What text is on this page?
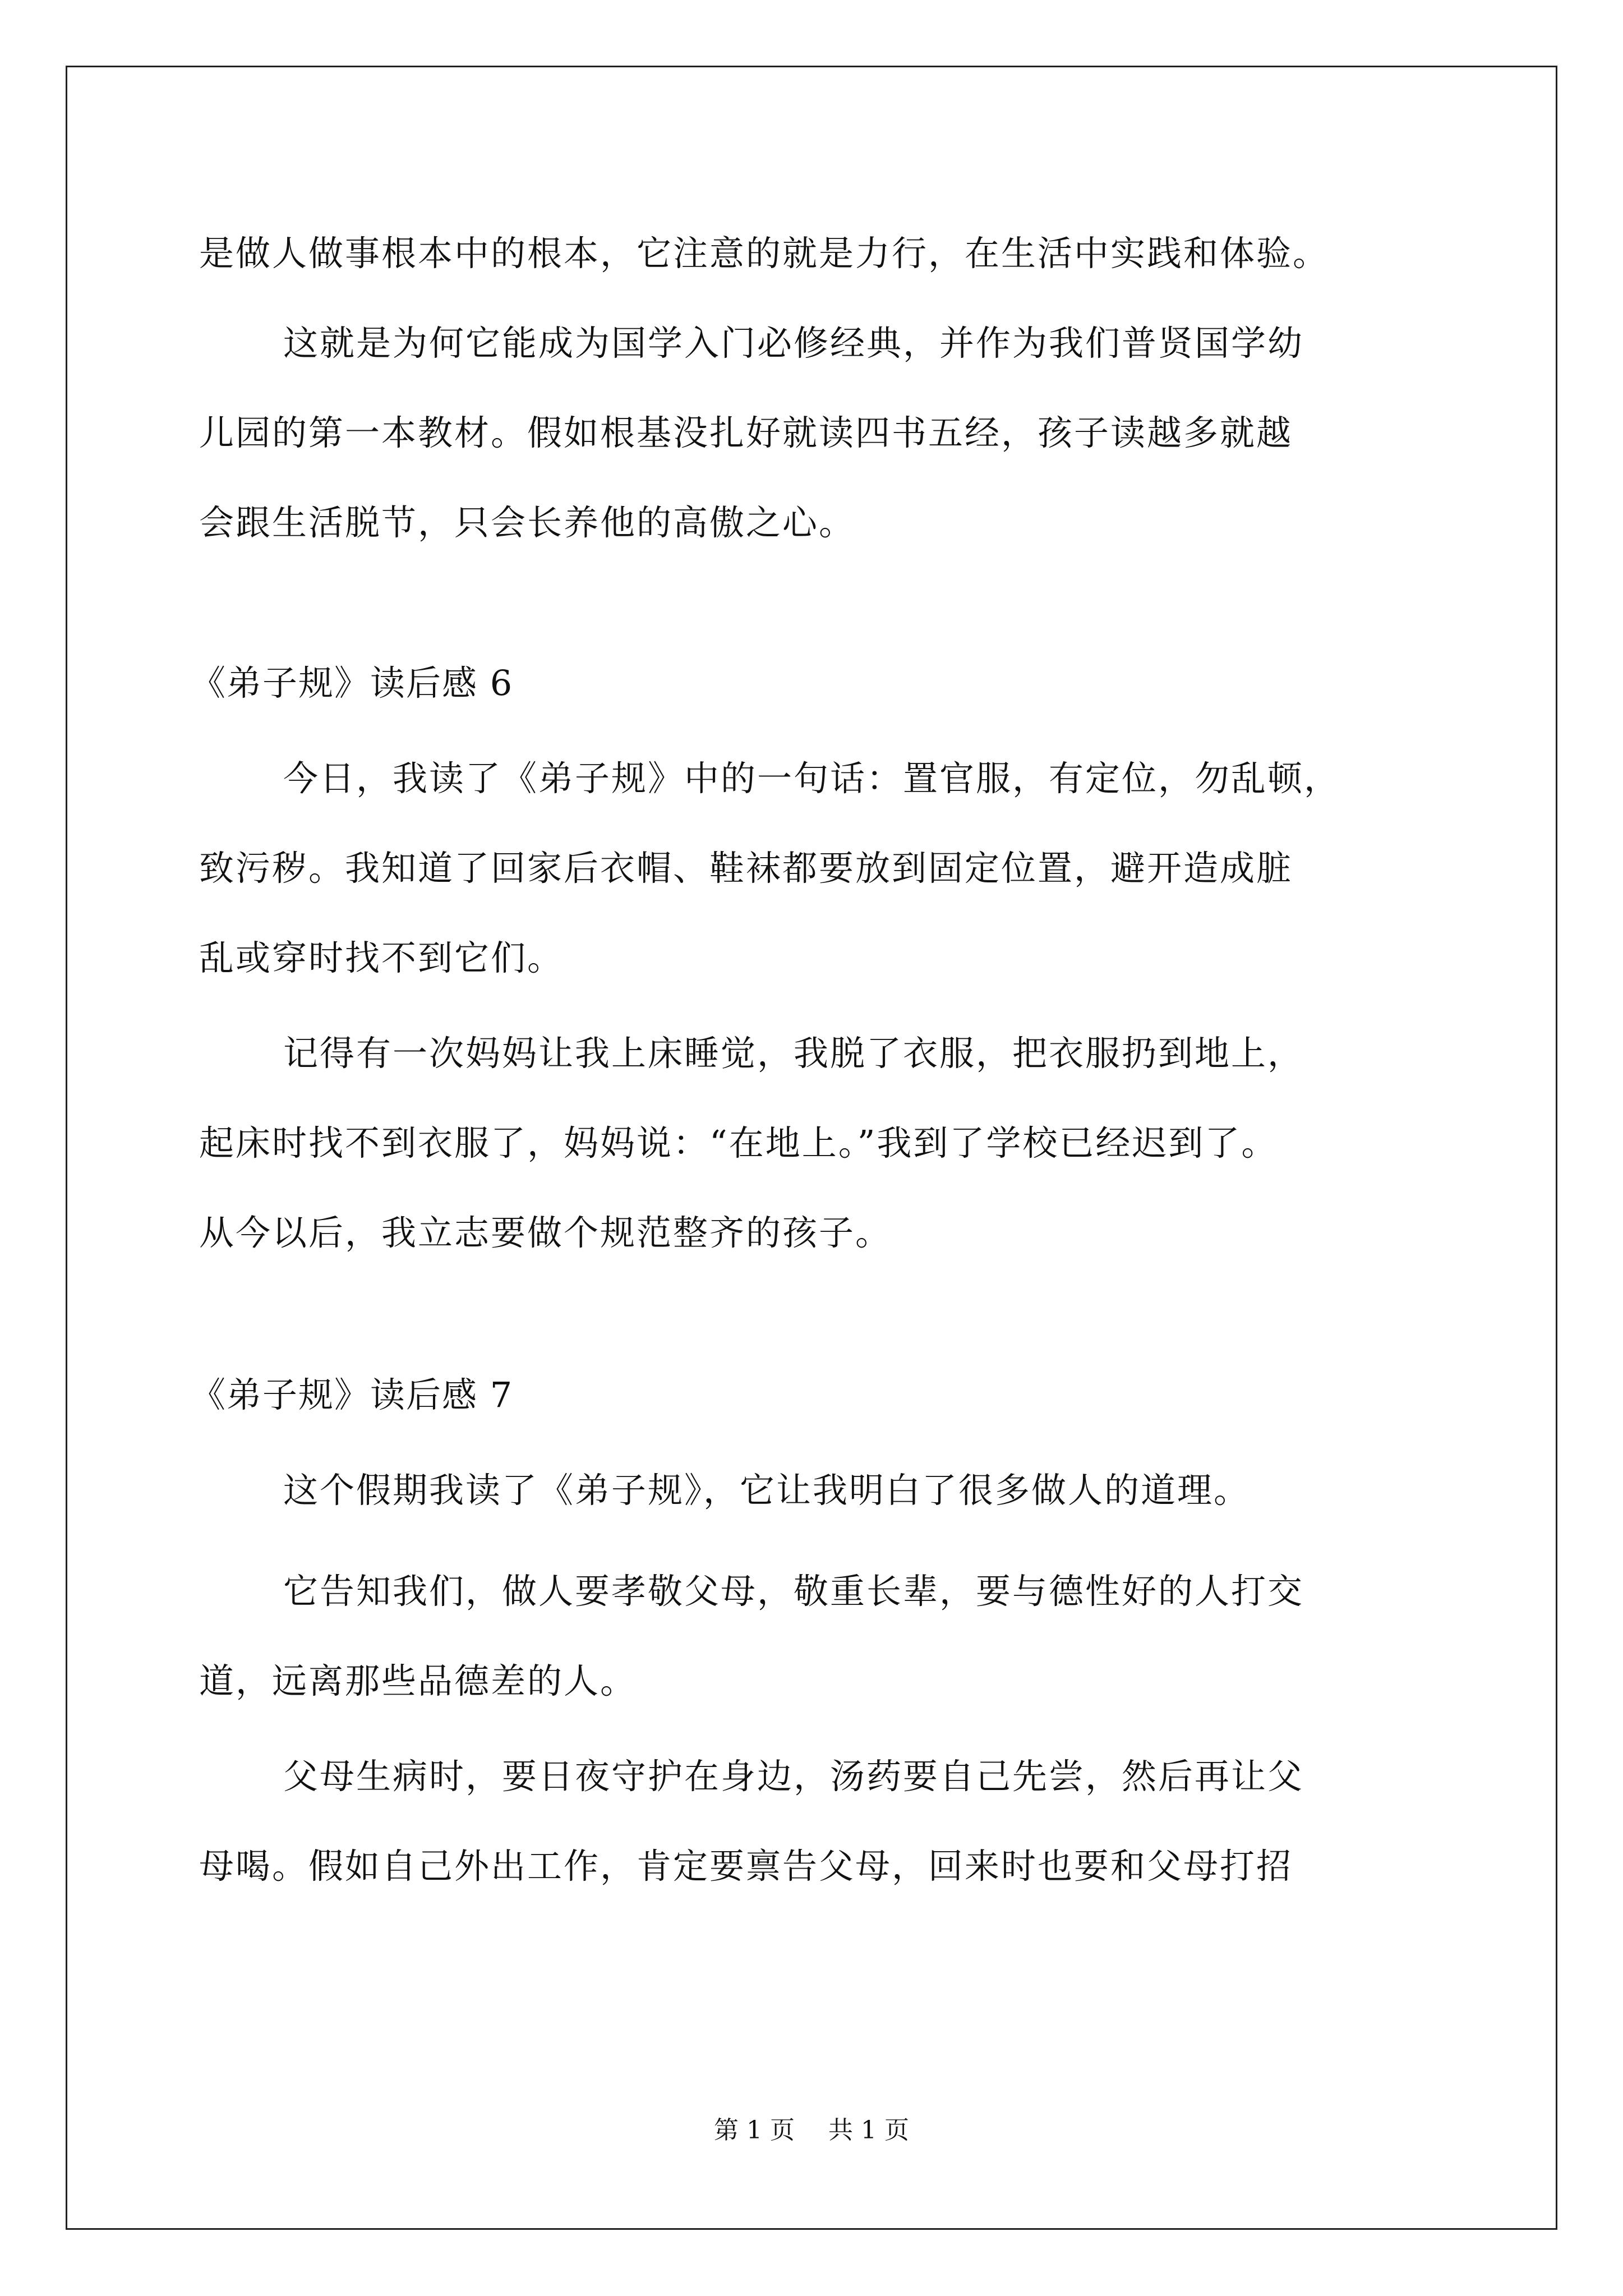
是做人做事根本中的根本，它注意的就是力行，在生活中实践和体验。
这就是为何它能成为国学入门必修经典，并作为我们普贤国学幼
儿园的第一本教材。假如根基没扎好就读四书五经，孩子读越多就越
会跟生活脱节，只会长养他的高傲之心。
《弟子规》读后感 6
今日，我读了《弟子规》中的一句话：置官服，有定位，勿乱顿，
致污秽。我知道了回家后衣帽、鞋袜都要放到固定位置，避开造成脏
乱或穿时找不到它们。
记得有一次妈妈让我上床睡觉，我脱了衣服，把衣服扔到地上，
起床时找不到衣服了，妈妈说：“在地上。”我到了学校已经迟到了。
从今以后，我立志要做个规范整齐的孩子。
《弟子规》读后感 7
这个假期我读了《弟子规》，它让我明白了很多做人的道理。
它告知我们，做人要孝敬父母，敬重长辈，要与德性好的人打交
道，远离那些品德差的人。
父母生病时，要日夜守护在身边，汤药要自己先尝，然后再让父
母喝。假如自己外出工作，肯定要禀告父母，回来时也要和父母打招
第 1 页 共 1 页
